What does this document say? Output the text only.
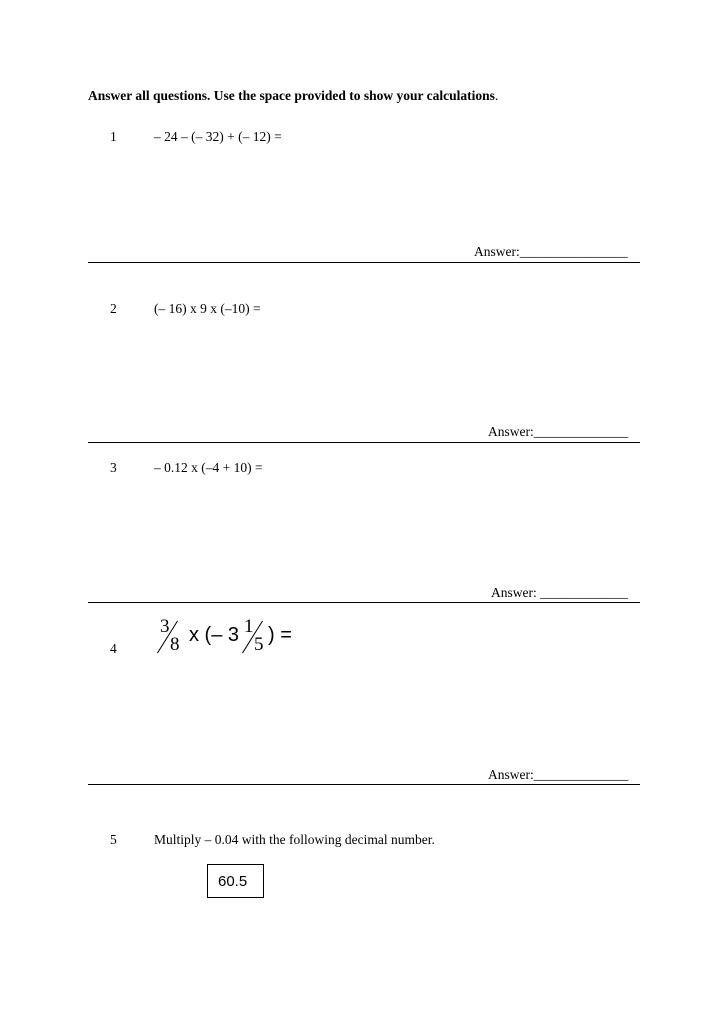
Answer all questions. Use the space provided to show your calculations.
1	– 24 – (– 32) + (– 12) =
Answer:________________
2	(– 16) x 9 x (–10) =
Answer:______________
3	– 0.12 x (–4 + 10) =
Answer: _____________
4
3
8 x (– 3 1
5 ) =
Answer:______________
5	Multiply – 0.04 with the following decimal number.
60.5
